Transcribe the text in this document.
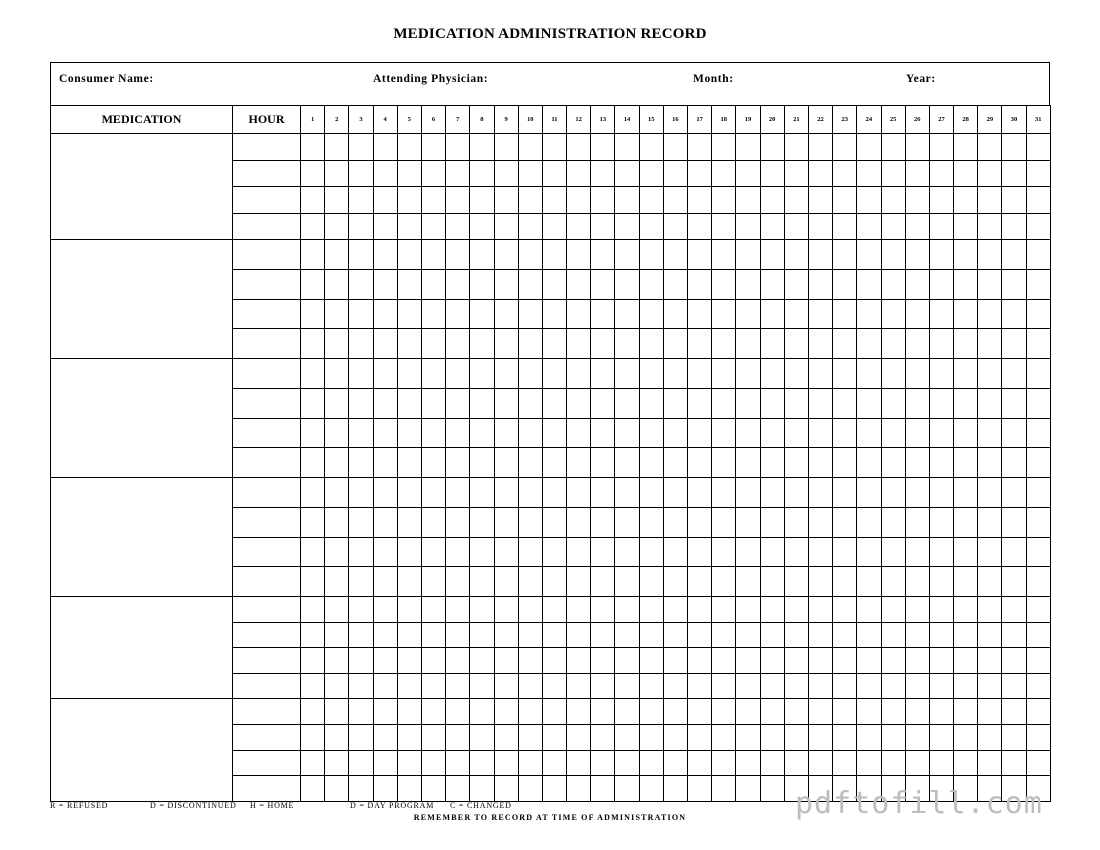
MEDICATION ADMINISTRATION RECORD
Consumer Name:	Attending Physician:	Month:	Year:
MEDICATION	HOUR	1	2	3	4	5	6	7	8	9	10	11	12	13	14	15	16	17	18	19	20	21	22	23	24	25	26	27	28	29	30	31

R = REFUSED	D = DISCONTINUED H = HOME	D = DAY PROGRAM C = CHANGED
REMEMBER TO RECORD AT TIME OF ADMINISTRATION	pdftofill.com
